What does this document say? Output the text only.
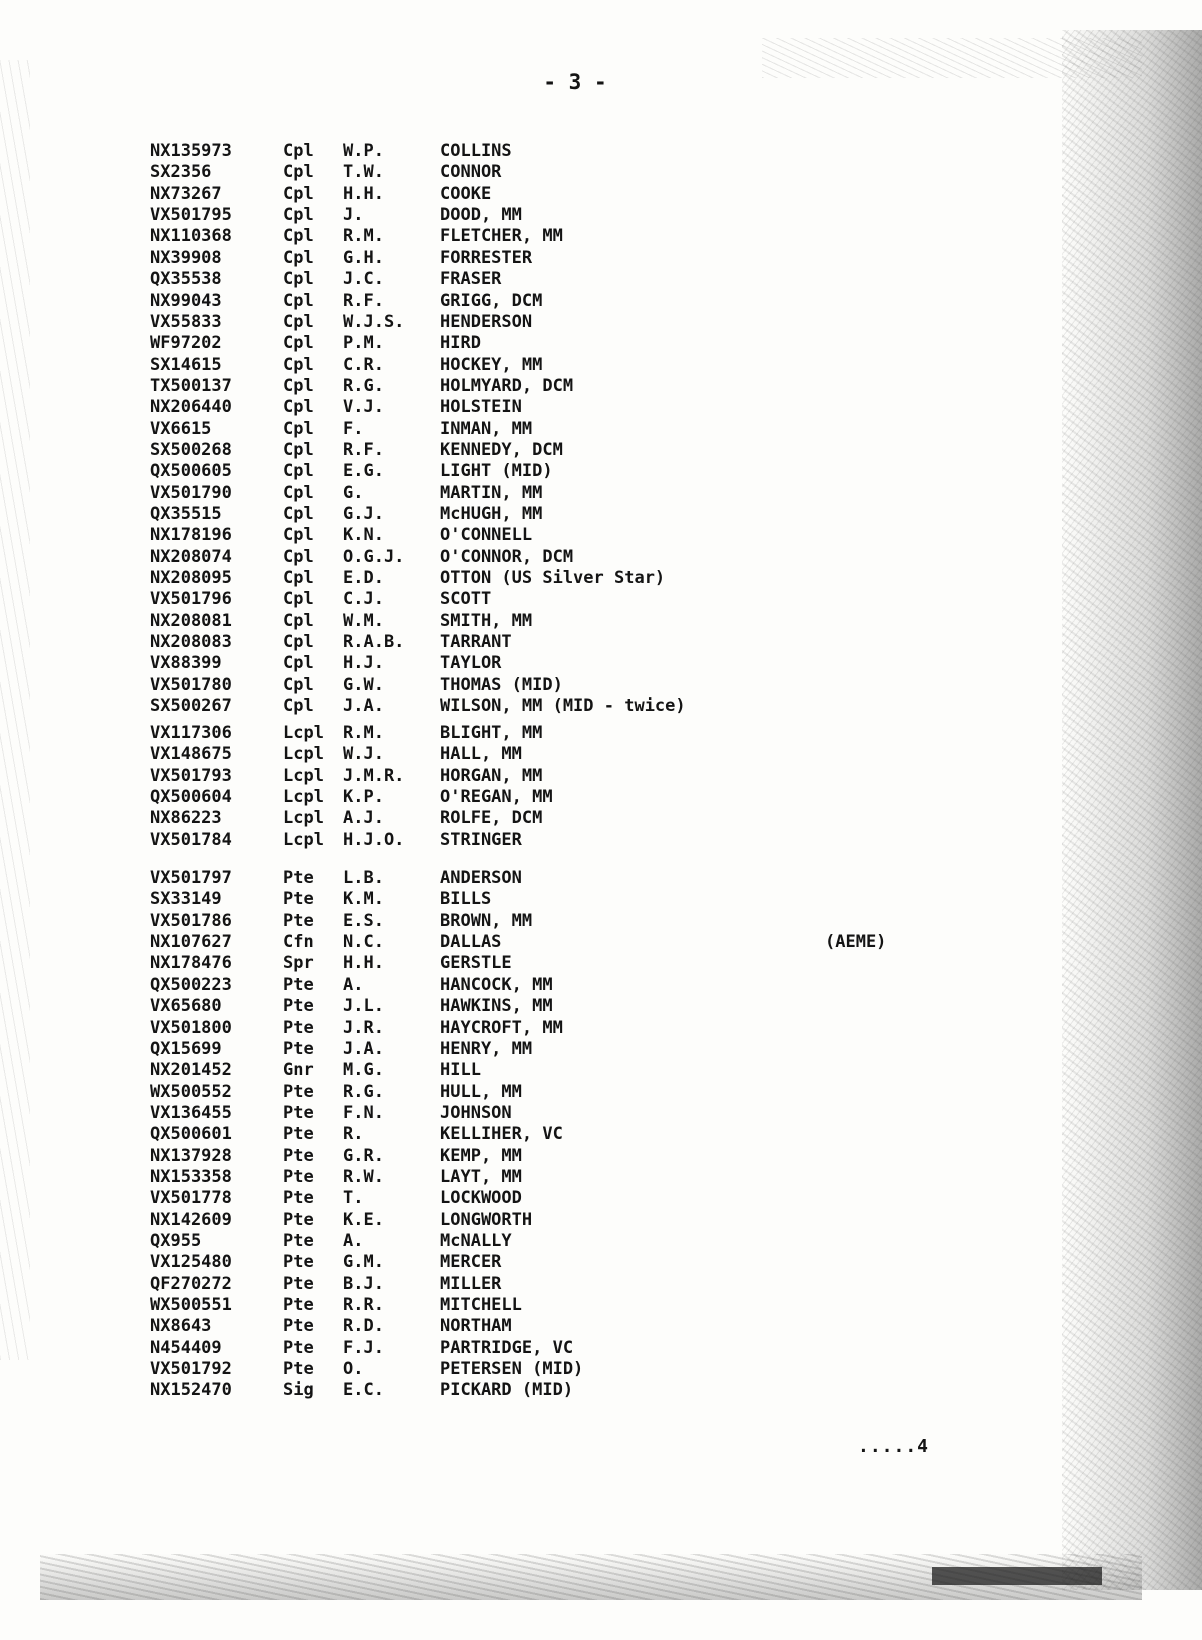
- 3 -
NX135973	Cpl W.P.	COLLINS
SX2356	Cpl T.W.	CONNOR
NX73267	Cpl H.H.	COOKE
VX501795	Cpl J.	DOOD, MM
NX110368	Cpl R.M.	FLETCHER, MM
NX39908	Cpl G.H.	FORRESTER
QX35538	Cpl J.C.	FRASER
NX99043	Cpl R.F.	GRIGG, DCM
VX55833	Cpl W.J.S. HENDERSON
WF97202	Cpl P.M.	HIRD
SX14615	Cpl C.R.	HOCKEY, MM
TX500137	Cpl R.G.	HOLMYARD, DCM
NX206440	Cpl V.J.	HOLSTEIN
VX6615	Cpl F.	INMAN, MM
SX500268	Cpl R.F.	KENNEDY, DCM
QX500605	Cpl E.G.	LIGHT (MID)
VX501790	Cpl G.	MARTIN, MM
QX35515	Cpl G.J.	McHUGH, MM
NX178196	Cpl K.N.	O'CONNELL
NX208074	Cpl O.G.J. O'CONNOR, DCM
NX208095	Cpl E.D.	OTTON (US Silver Star)
VX501796	Cpl C.J.	SCOTT
NX208081	Cpl W.M.	SMITH, MM
NX208083	Cpl R.A.B. TARRANT
VX88399	Cpl H.J.	TAYLOR
VX501780	Cpl G.W.	THOMAS (MID)
SX500267	Cpl J.A.	WILSON, MM (MID - twice)
VX117306	Lcpl R.M.	BLIGHT, MM
VX148675	Lcpl W.J.	HALL, MM
VX501793	Lcpl J.M.R. HORGAN, MM
QX500604	Lcpl K.P.	O'REGAN, MM
NX86223	Lcpl A.J.	ROLFE, DCM
VX501784	Lcpl H.J.O. STRINGER
VX501797	Pte L.B.	ANDERSON
SX33149	Pte K.M.	BILLS
VX501786	Pte E.S.	BROWN, MM
NX107627	Cfn N.C.	DALLAS	(AEME)
NX178476	Spr H.H.	GERSTLE
QX500223	Pte A.	HANCOCK, MM
VX65680	Pte J.L.	HAWKINS, MM
VX501800	Pte J.R.	HAYCROFT, MM
QX15699	Pte J.A.	HENRY, MM
NX201452	Gnr M.G.	HILL
WX500552	Pte R.G.	HULL, MM
VX136455	Pte F.N.	JOHNSON
QX500601	Pte R.	KELLIHER, VC
NX137928	Pte G.R.	KEMP, MM
NX153358	Pte R.W.	LAYT, MM
VX501778	Pte T.	LOCKWOOD
NX142609	Pte K.E.	LONGWORTH
QX955	Pte A.	McNALLY
VX125480	Pte G.M.	MERCER
QF270272	Pte B.J.	MILLER
WX500551	Pte R.R.	MITCHELL
NX8643	Pte R.D.	NORTHAM
N454409	Pte F.J.	PARTRIDGE, VC
VX501792	Pte O.	PETERSEN (MID)
NX152470	Sig E.C.	PICKARD (MID)
.....4
